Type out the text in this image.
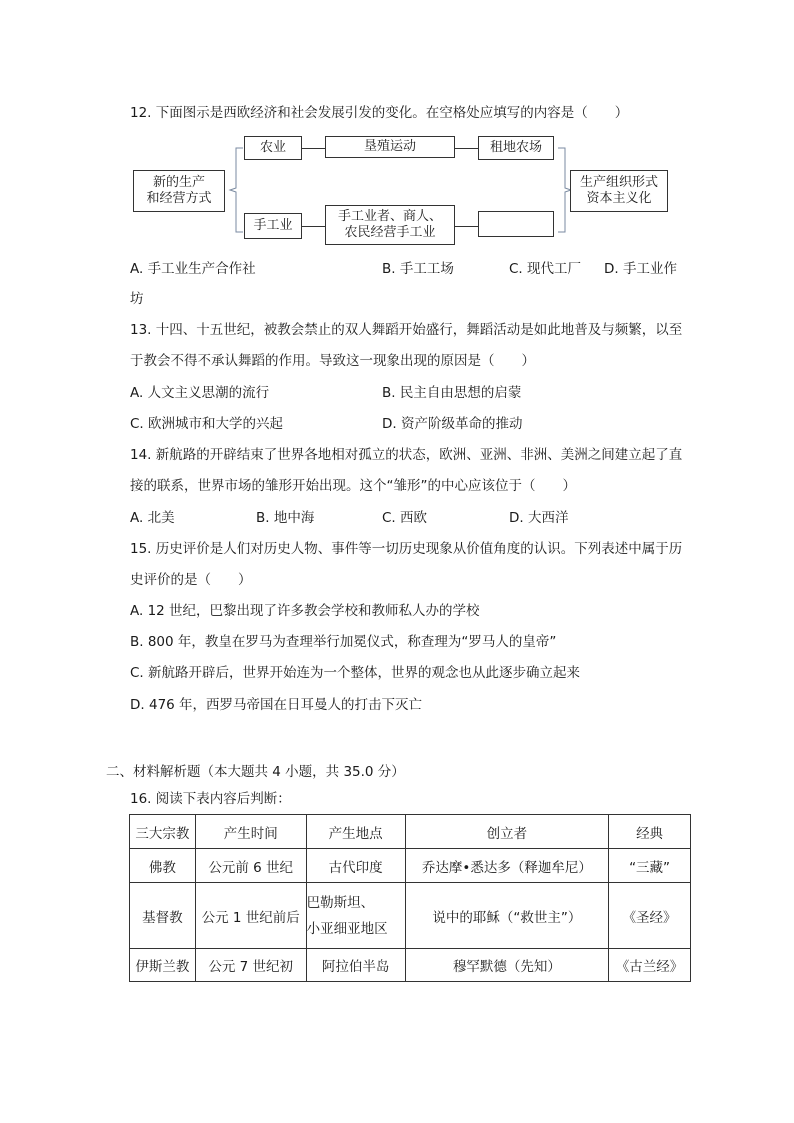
12. 下面图示是西欧经济和社会发展引发的变化。在空格处应填写的内容是（　　）
新的生产
和经营方式
农业	垦殖运动	租地农场
手工业
手工业者、商人、
农民经营手工业
生产组织形式
资本主义化
A. 手工业生产合作社	B. 手工工场	C. 现代工厂 D. 手工业作
坊
13. 十四、十五世纪，被教会禁止的双人舞蹈开始盛行，舞蹈活动是如此地普及与频繁，以至
于教会不得不承认舞蹈的作用。导致这一现象出现的原因是（　　）
A. 人文主义思潮的流行	B. 民主自由思想的启蒙
C. 欧洲城市和大学的兴起	D. 资产阶级革命的推动
14. 新航路的开辟结束了世界各地相对孤立的状态，欧洲、亚洲、非洲、美洲之间建立起了直
接的联系，世界市场的雏形开始出现。这个“雏形”的中心应该位于（　　）
A. 北美	B. 地中海	C. 西欧	D. 大西洋
15. 历史评价是人们对历史人物、事件等一切历史现象从价值角度的认识。下列表述中属于历
史评价的是（　　）
A. 12 世纪，巴黎出现了许多教会学校和教师私人办的学校
B. 800 年，教皇在罗马为查理举行加冕仪式，称查理为“罗马人的皇帝”
C. 新航路开辟后，世界开始连为一个整体，世界的观念也从此逐步确立起来
D. 476 年，西罗马帝国在日耳曼人的打击下灭亡
二、材料解析题（本大题共 4 小题，共 35.0 分）
16. 阅读下表内容后判断：
三大宗教	产生时间	产生地点	创立者	经典
佛教	公元前 6 世纪	古代印度	乔达摩•悉达多（释迦牟尼）	“三藏”
基督教	公元 1 世纪前后	巴勒斯坦、
小亚细亚地区	说中的耶稣（“救世主”）	《圣经》
伊斯兰教	公元 7 世纪初	阿拉伯半岛	穆罕默德（先知）	《古兰经》
